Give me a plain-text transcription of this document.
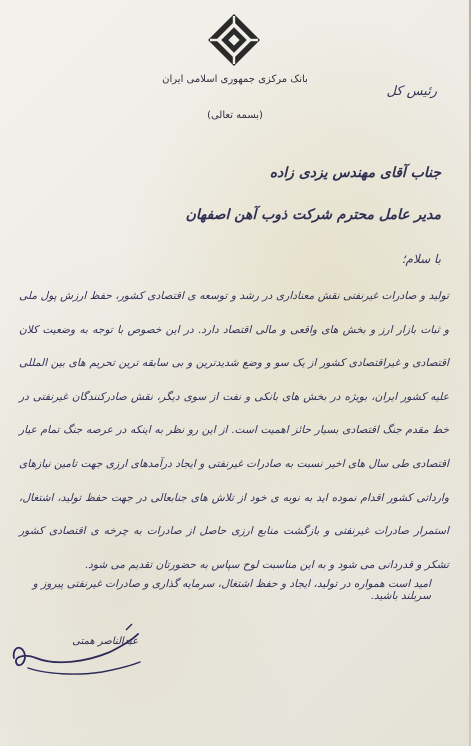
بانک مرکزی جمهوری اسلامی ایران
(بسمه تعالی)
رئیس کل
جناب آقای مهندس یزدی زاده
مدیر عامل محترم شرکت ذوب آهن اصفهان
با سلام؛
تولید و صادرات غیرنفتی نقش معناداری در رشد و توسعه ی اقتصادی کشور، حفظ ارزش پول ملی و ثبات بازار ارز و بخش های واقعی و مالی اقتصاد دارد. در این خصوص با توجه به وضعیت کلان اقتصادی و غیراقتصادی کشور از یک سو و وضع شدیدترین و بی سابقه ترین تحریم های بین المللی علیه کشور ایران، بویژه در بخش های بانکی و نفت از سوی دیگر، نقش صادرکنندگان غیرنفتی در خط مقدم جنگ اقتصادی بسیار حائز اهمیت است. از این رو نظر به اینکه در عرصه جنگ تمام عیار اقتصادی طی سال های اخیر نسبت به صادرات غیرنفتی و ایجاد درآمدهای ارزی جهت تامین نیازهای وارداتی کشور اقدام نموده اید به نوبه ی خود از تلاش های جنابعالی در جهت حفظ تولید، اشتغال، استمرار صادرات غیرنفتی و بازگشت منابع ارزی حاصل از صادرات به چرخه ی اقتصادی کشور تشکر و قدردانی می شود و به این مناسبت لوح سپاس به حضورتان تقدیم می شود.
امید است همواره در تولید، ایجاد و حفظ اشتغال، سرمایه گذاری و صادرات غیرنفتی پیروز و سربلند باشید.
عبدالناصر همتی
